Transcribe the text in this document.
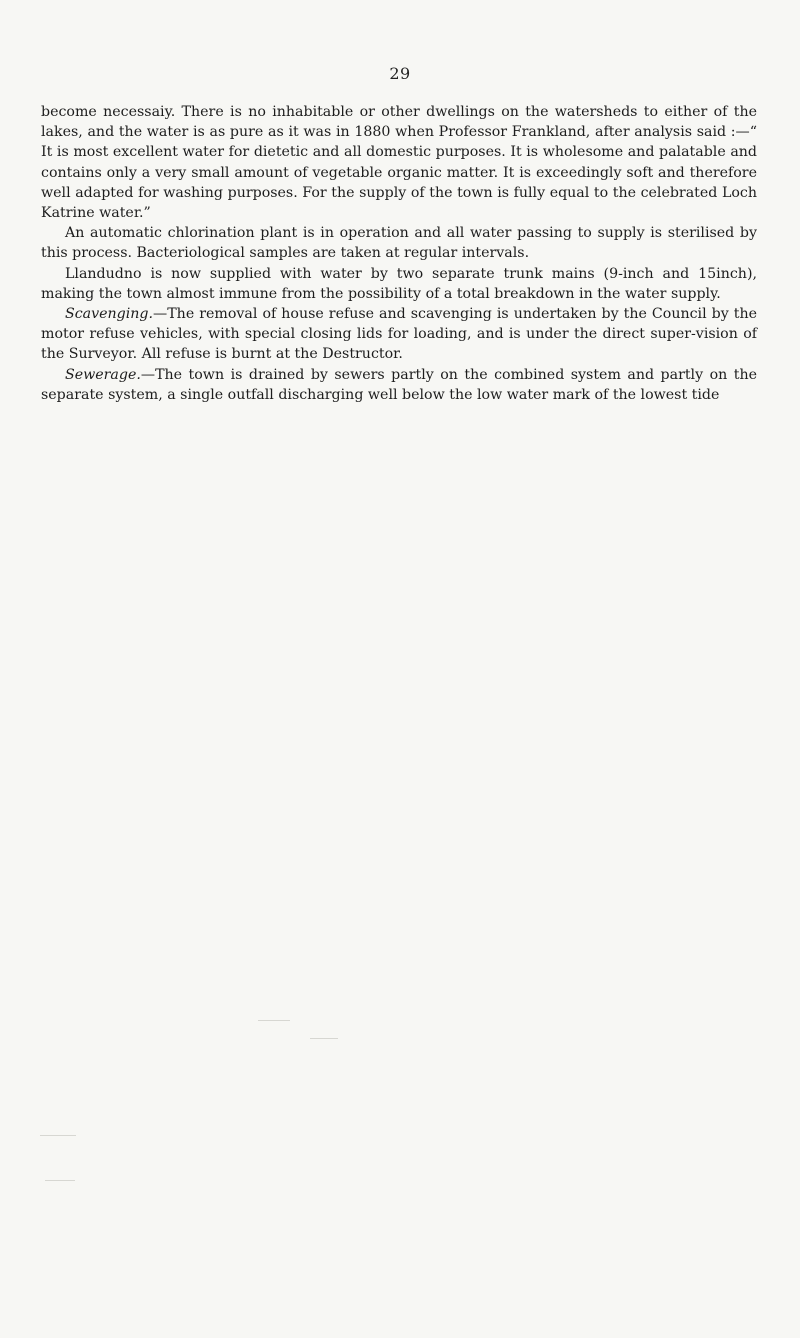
29

become necessaiy. There is no inhabitable or other dwellings on the watersheds to either of the lakes, and the water is as pure as it was in 1880 when Professor Frankland, after analysis said :—“ It is most excellent water for dietetic and all domestic purposes. It is wholesome and palatable and contains only a very small amount of vegetable organic matter. It is exceedingly soft and therefore well adapted for washing purposes. For the supply of the town is fully equal to the celebrated Loch Katrine water.”

An automatic chlorination plant is in operation and all water passing to supply is sterilised by this process. Bacteriological samples are taken at regular intervals.

Llandudno is now supplied with water by two separate trunk mains (9-inch and 15inch), making the town almost immune from the possibility of a total breakdown in the water supply.

Scavenging.—The removal of house refuse and scavenging is undertaken by the Council by the motor refuse vehicles, with special closing lids for loading, and is under the direct super-vision of the Surveyor. All refuse is burnt at the Destructor.

Sewerage.—The town is drained by sewers partly on the combined system and partly on the separate system, a single outfall discharging well below the low water mark of the lowest tide
